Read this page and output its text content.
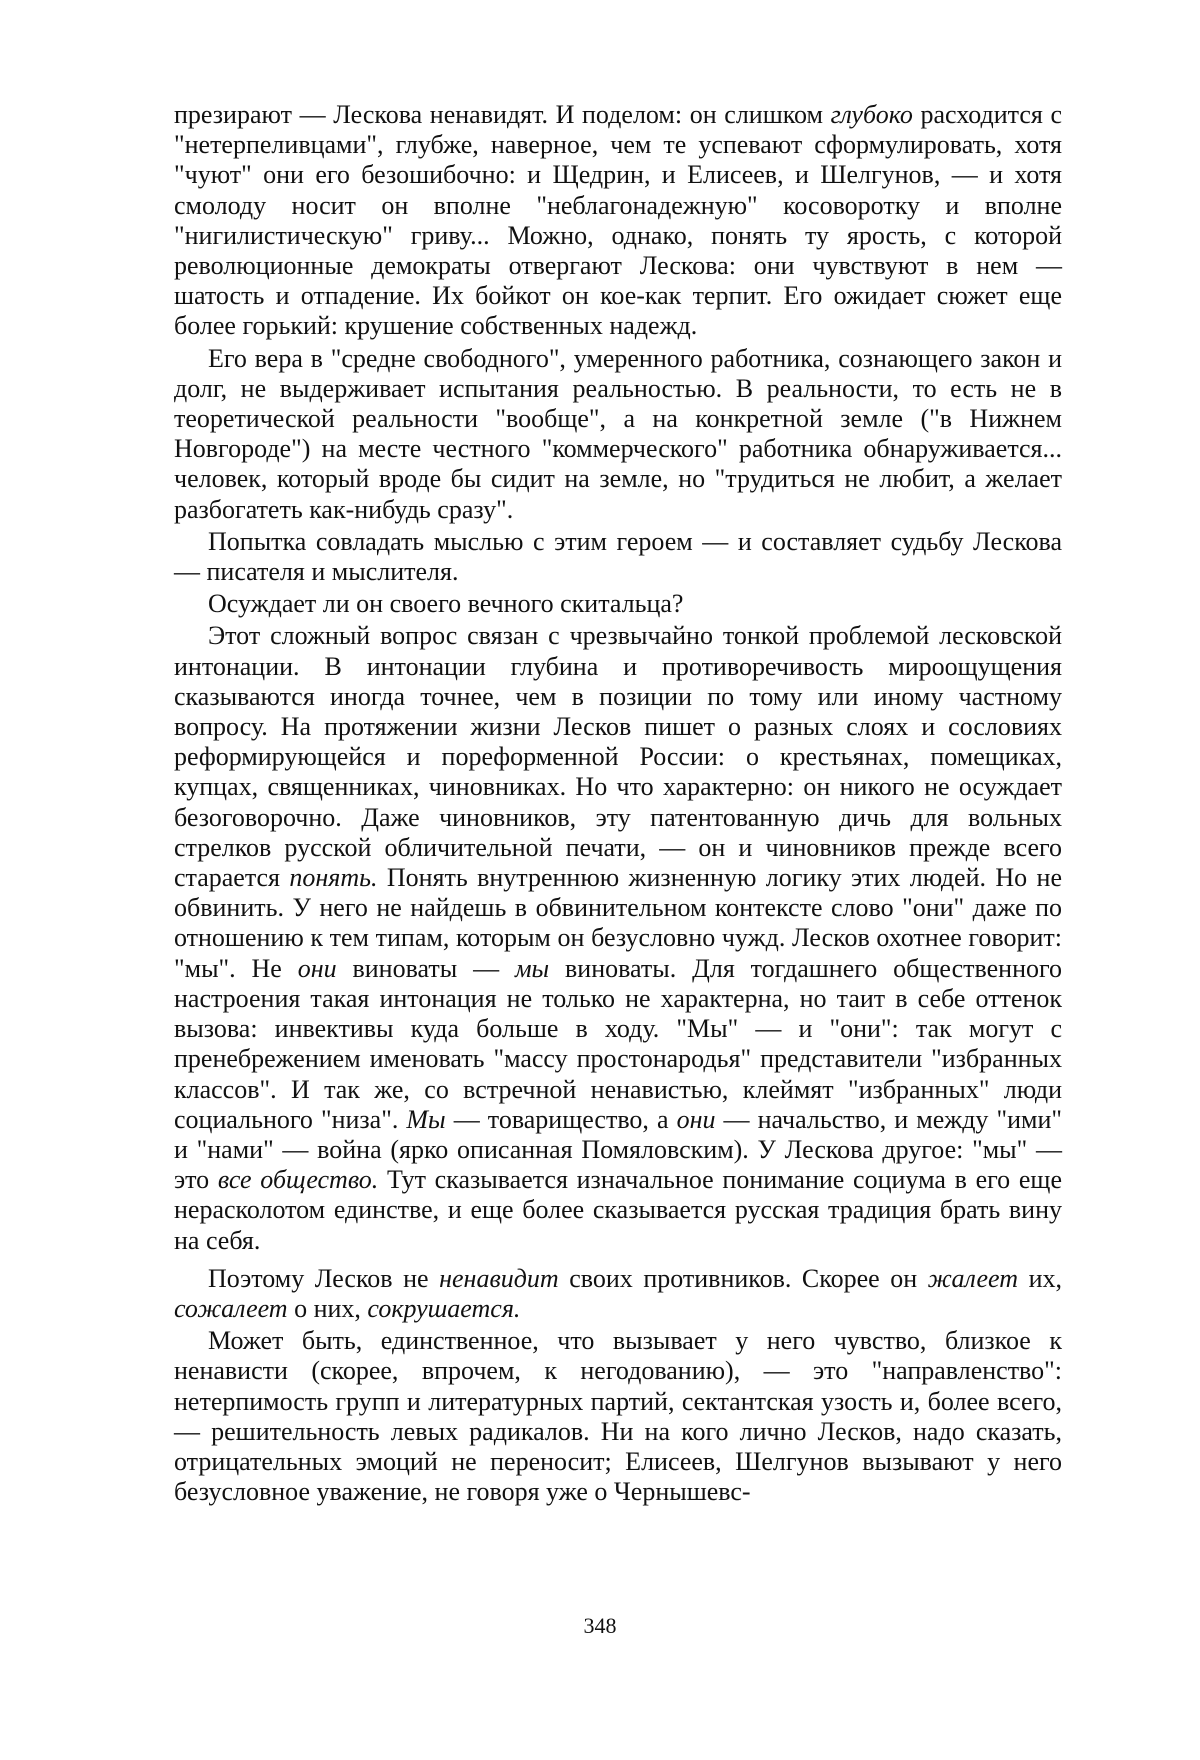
презирают — Лескова ненавидят. И поделом: он слишком глубоко расходится с "нетерпеливцами", глубже, наверное, чем те успевают сформулировать, хотя "чуют" они его безошибочно: и Щедрин, и Елисеев, и Шелгунов, — и хотя смолоду носит он вполне "неблагонадежную" косоворотку и вполне "нигилистическую" гриву... Можно, однако, понять ту ярость, с которой революционные демократы отвергают Лескова: они чувствуют в нем — шатость и отпадение. Их бойкот он кое-как терпит. Его ожидает сюжет еще более горький: крушение собственных надежд.

Его вера в "средне свободного", умеренного работника, сознающего закон и долг, не выдерживает испытания реальностью. В реальности, то есть не в теоретической реальности "вообще", а на конкретной земле ("в Нижнем Новгороде") на месте честного "коммерческого" работника обнаруживается... человек, который вроде бы сидит на земле, но "трудиться не любит, а желает разбогатеть как-нибудь сразу".

Попытка совладать мыслью с этим героем — и составляет судьбу Лескова — писателя и мыслителя.

Осуждает ли он своего вечного скитальца?

Этот сложный вопрос связан с чрезвычайно тонкой проблемой лесковской интонации. В интонации глубина и противоречивость мироощущения сказываются иногда точнее, чем в позиции по тому или иному частному вопросу. На протяжении жизни Лесков пишет о разных слоях и сословиях реформирующейся и пореформенной России: о крестьянах, помещиках, купцах, священниках, чиновниках. Но что характерно: он никого не осуждает безоговорочно. Даже чиновников, эту патентованную дичь для вольных стрелков русской обличительной печати, — он и чиновников прежде всего старается понять. Понять внутреннюю жизненную логику этих людей. Но не обвинить. У него не найдешь в обвинительном контексте слово "они" даже по отношению к тем типам, которым он безусловно чужд. Лесков охотнее говорит: "мы". Не они виноваты — мы виноваты. Для тогдашнего общественного настроения такая интонация не только не характерна, но таит в себе оттенок вызова: инвективы куда больше в ходу. "Мы" — и "они": так могут с пренебрежением именовать "массу простонародья" представители "избранных классов". И так же, со встречной ненавистью, клеймят "избранных" люди социального "низа". Мы — товарищество, а они — начальство, и между "ими" и "нами" — война (ярко описанная Помяловским). У Лескова другое: "мы" — это все общество. Тут сказывается изначальное понимание социума в его еще нерасколотом единстве, и еще более сказывается русская традиция брать вину на себя.

Поэтому Лесков не ненавидит своих противников. Скорее он жалеет их, сожалеет о них, сокрушается.

Может быть, единственное, что вызывает у него чувство, близкое к ненависти (скорее, впрочем, к негодованию), — это "направленство": нетерпимость групп и литературных партий, сектантская узость и, более всего, — решительность левых радикалов. Ни на кого лично Лесков, надо сказать, отрицательных эмоций не переносит; Елисеев, Шелгунов вызывают у него безусловное уважение, не говоря уже о Чернышевс-

348
